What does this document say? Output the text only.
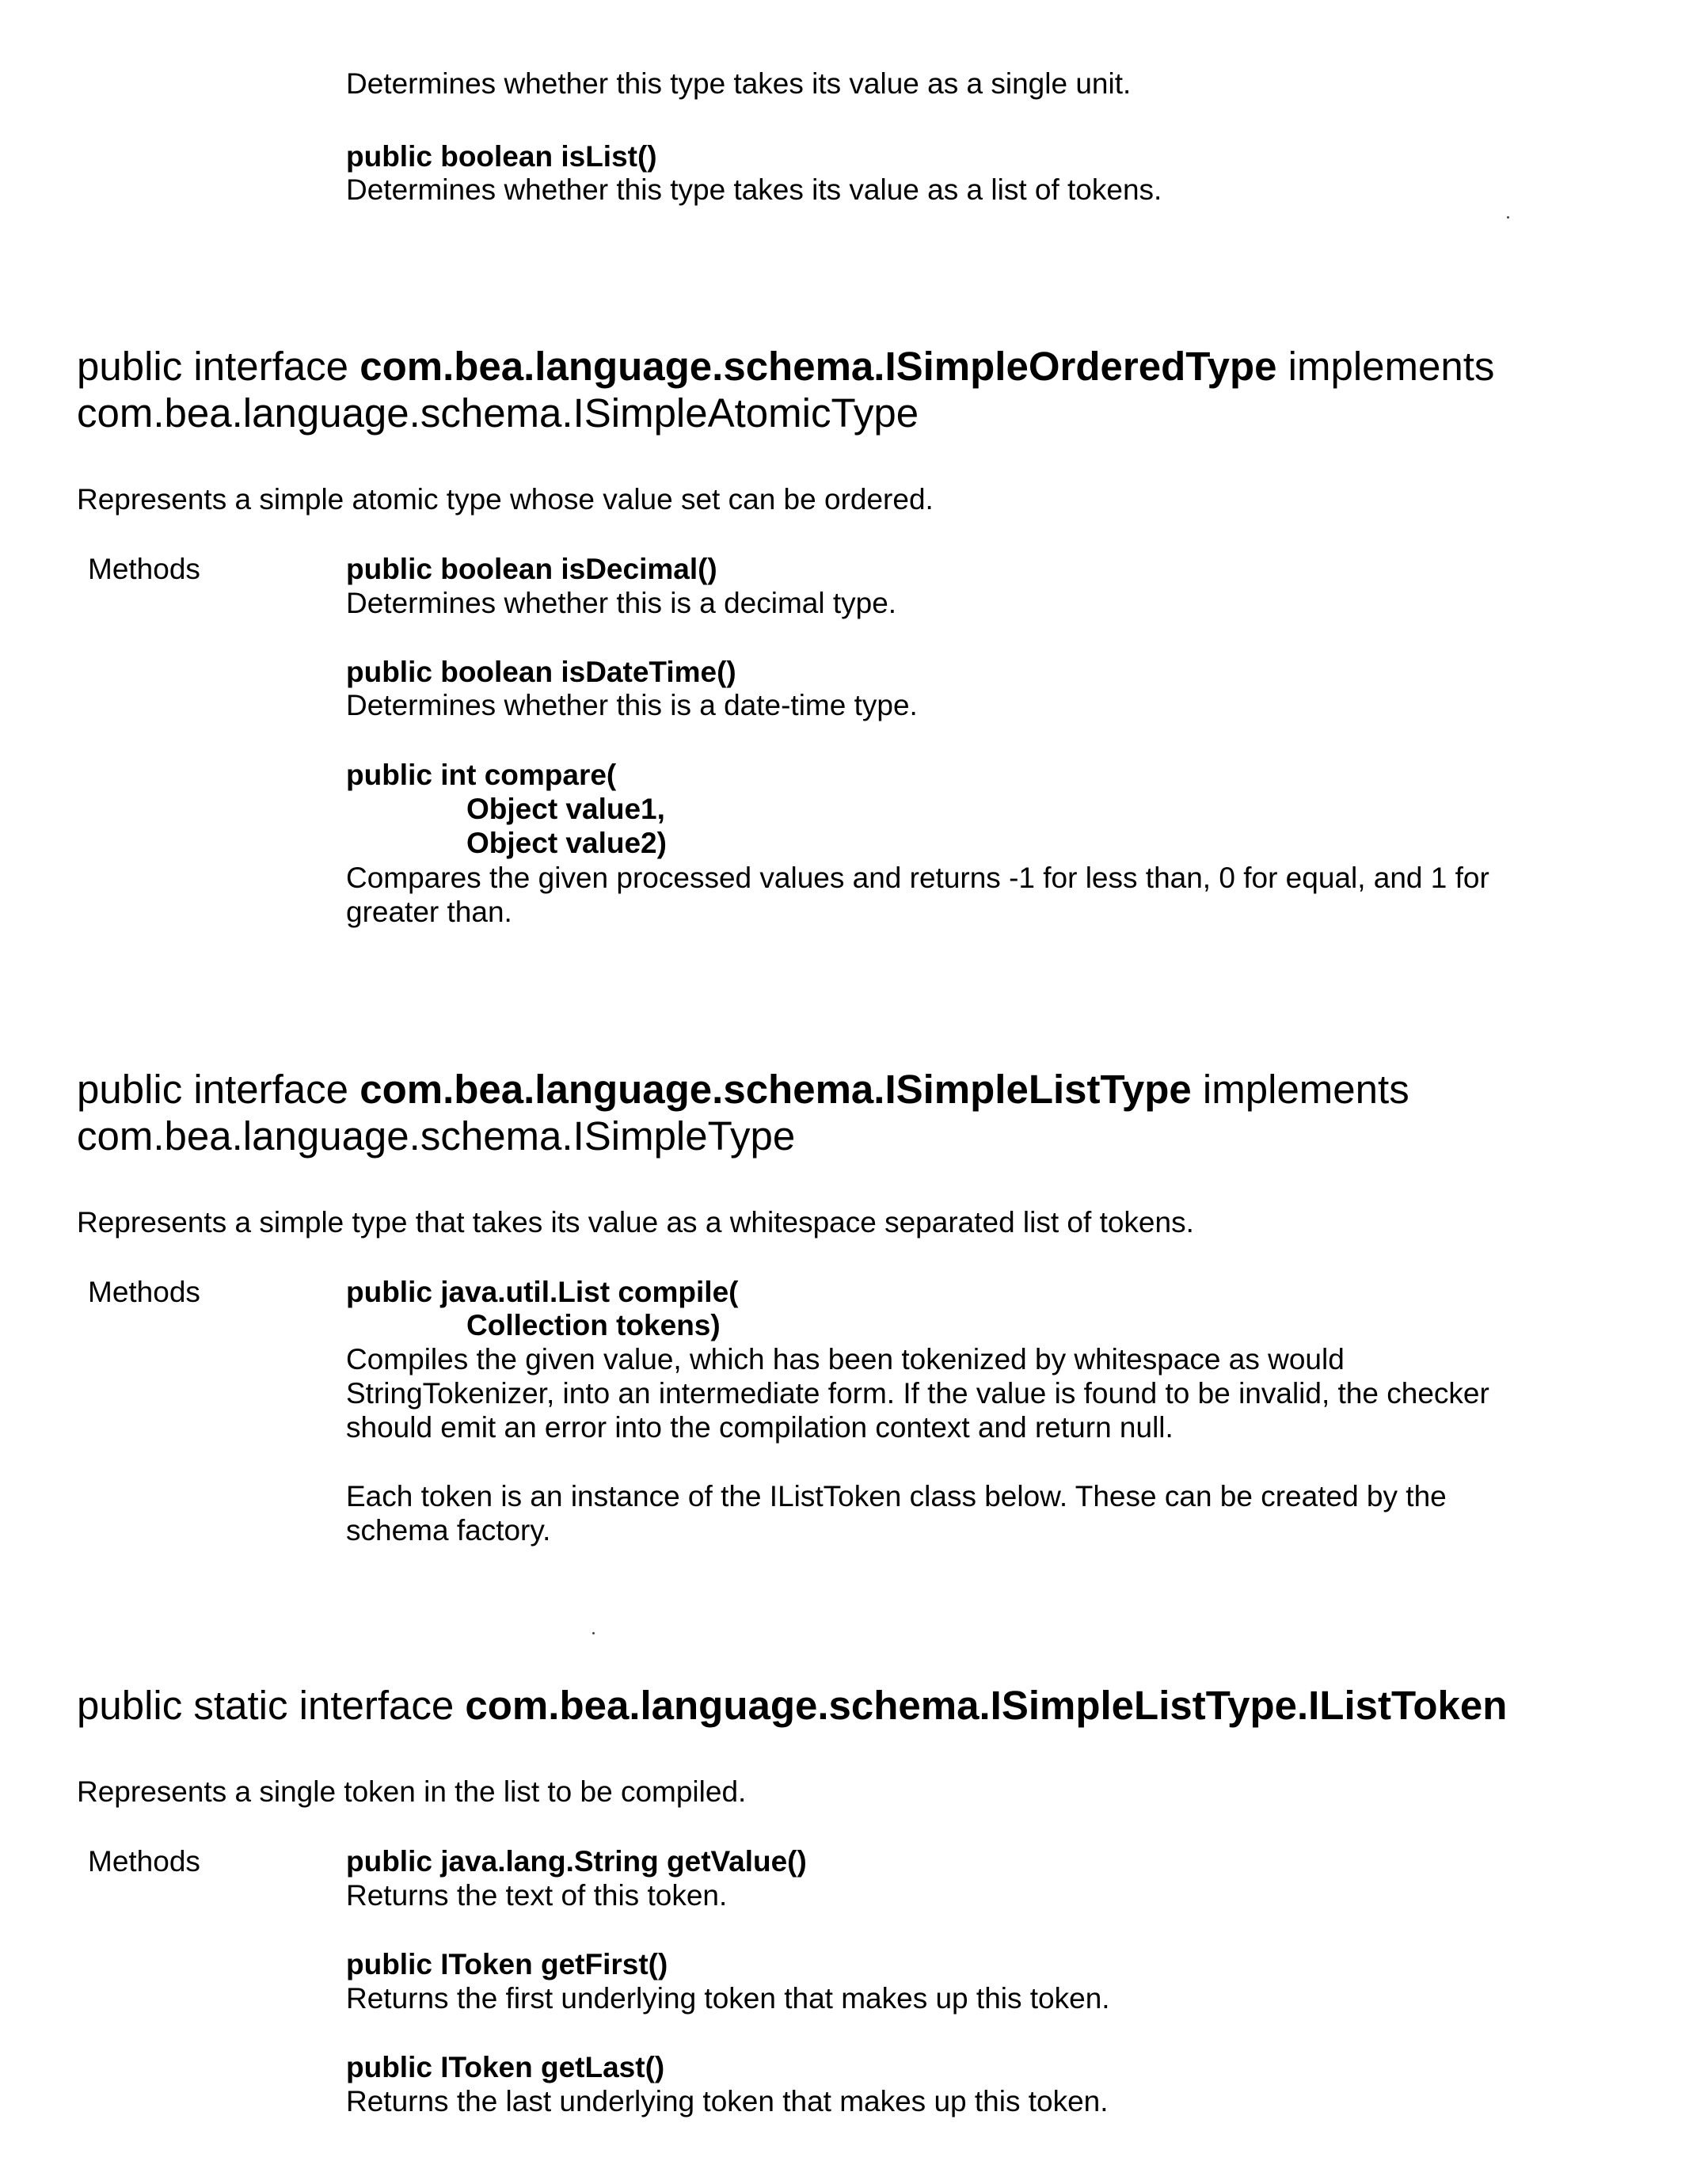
Determines whether this type takes its value as a single unit.
public boolean isList()
Determines whether this type takes its value as a list of tokens.
public interface com.bea.language.schema.ISimpleOrderedType implements
com.bea.language.schema.ISimpleAtomicType
Represents a simple atomic type whose value set can be ordered.
Methods	public boolean isDecimal()
Determines whether this is a decimal type.
public boolean isDateTime()
Determines whether this is a date-time type.
public int compare(
Object value1,
Object value2)
Compares the given processed values and returns -1 for less than, 0 for equal, and 1 for
greater than.
public interface com.bea.language.schema.ISimpleListType implements
com.bea.language.schema.ISimpleType
Represents a simple type that takes its value as a whitespace separated list of tokens.
Methods	public java.util.List compile(
Collection tokens)
Compiles the given value, which has been tokenized by whitespace as would
StringTokenizer, into an intermediate form. If the value is found to be invalid, the checker
should emit an error into the compilation context and return null.
Each token is an instance of the IListToken class below. These can be created by the
schema factory.
public static interface com.bea.language.schema.ISimpleListType.IListToken
Represents a single token in the list to be compiled.
Methods	public java.lang.String getValue()
Returns the text of this token.
public IToken getFirst()
Returns the first underlying token that makes up this token.
public IToken getLast()
Returns the last underlying token that makes up this token.
